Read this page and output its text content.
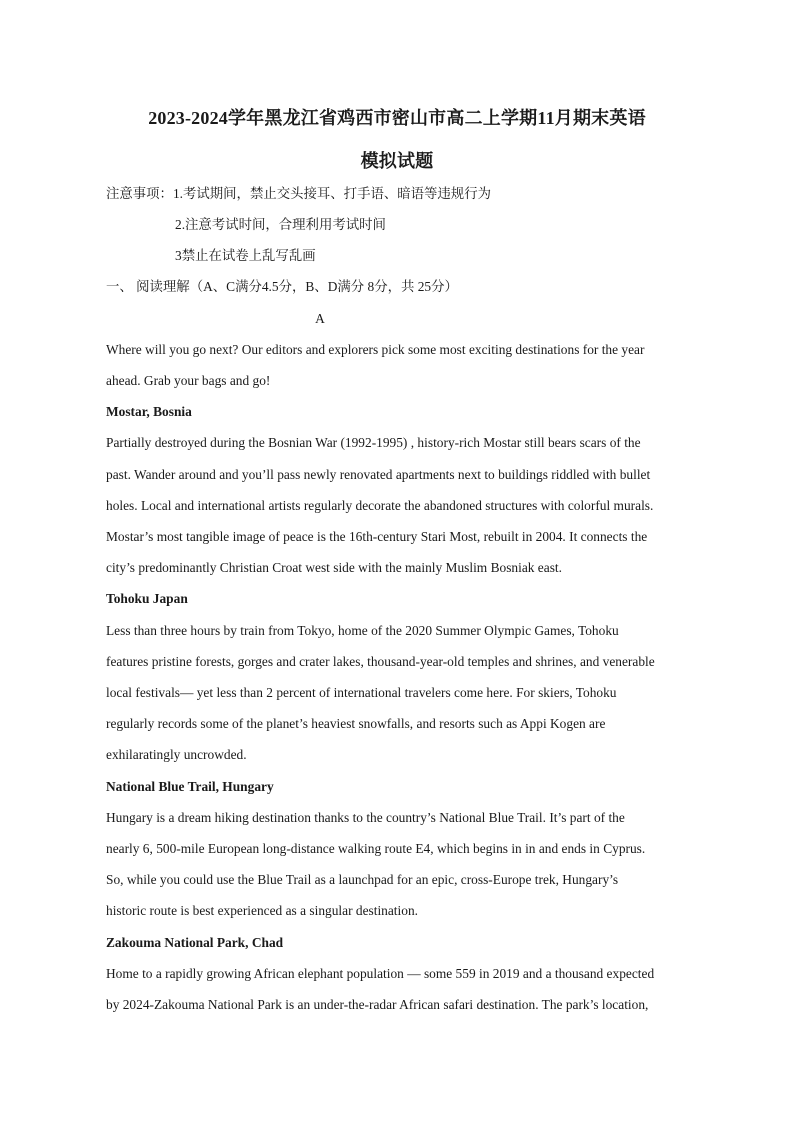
2023-2024学年黑龙江省鸡西市密山市高二上学期11月期末英语
模拟试题
注意事项：1.考试期间，禁止交头接耳、打手语、暗语等违规行为
2.注意考试时间，合理利用考试时间
3禁止在试卷上乱写乱画
一、 阅读理解（A、C满分4.5分，B、D满分 8分，共 25分）
A
Where will you go next? Our editors and explorers pick some most exciting destinations for the year
ahead. Grab your bags and go!
Mostar, Bosnia
Partially destroyed during the Bosnian War (1992-1995) , history-rich Mostar still bears scars of the
past. Wander around and you’ll pass newly renovated apartments next to buildings riddled with bullet
holes. Local and international artists regularly decorate the abandoned structures with colorful murals.
Mostar’s most tangible image of peace is the 16th-century Stari Most, rebuilt in 2004. It connects the
city’s predominantly Christian Croat west side with the mainly Muslim Bosniak east.
Tohoku Japan
Less than three hours by train from Tokyo, home of the 2020 Summer Olympic Games, Tohoku
features pristine forests, gorges and crater lakes, thousand-year-old temples and shrines, and venerable
local festivals— yet less than 2 percent of international travelers come here. For skiers, Tohoku
regularly records some of the planet’s heaviest snowfalls, and resorts such as Appi Kogen are
exhilaratingly uncrowded.
National Blue Trail, Hungary
Hungary is a dream hiking destination thanks to the country’s National Blue Trail. It’s part of the
nearly 6, 500-mile European long-distance walking route E4, which begins in in and ends in Cyprus.
So, while you could use the Blue Trail as a launchpad for an epic, cross-Europe trek, Hungary’s
historic route is best experienced as a singular destination.
Zakouma National Park, Chad
Home to a rapidly growing African elephant population — some 559 in 2019 and a thousand expected
by 2024-Zakouma National Park is an under-the-radar African safari destination. The park’s location,
